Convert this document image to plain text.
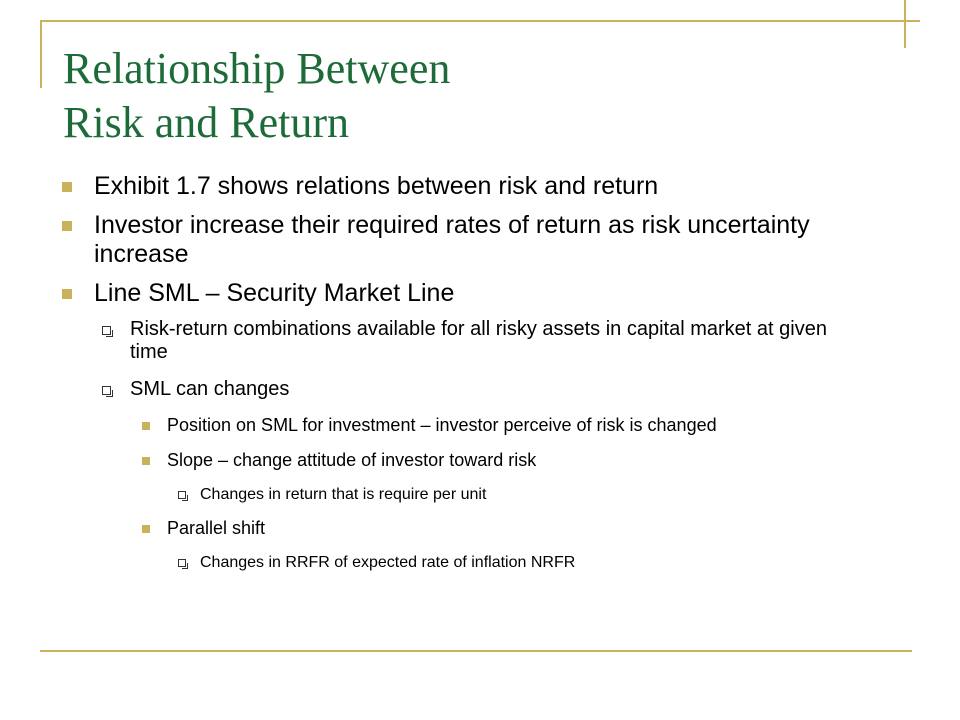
Relationship Between
Risk and Return
Exhibit 1.7 shows relations between risk and return
Investor increase their required rates of return as risk uncertainty increase
Line SML – Security Market Line
Risk-return combinations available for all risky assets in capital market at given time
SML can changes
Position on SML for investment – investor perceive of risk is changed
Slope – change attitude of investor toward risk
Changes in return that is require per unit
Parallel shift
Changes in RRFR of expected rate of inflation NRFR
